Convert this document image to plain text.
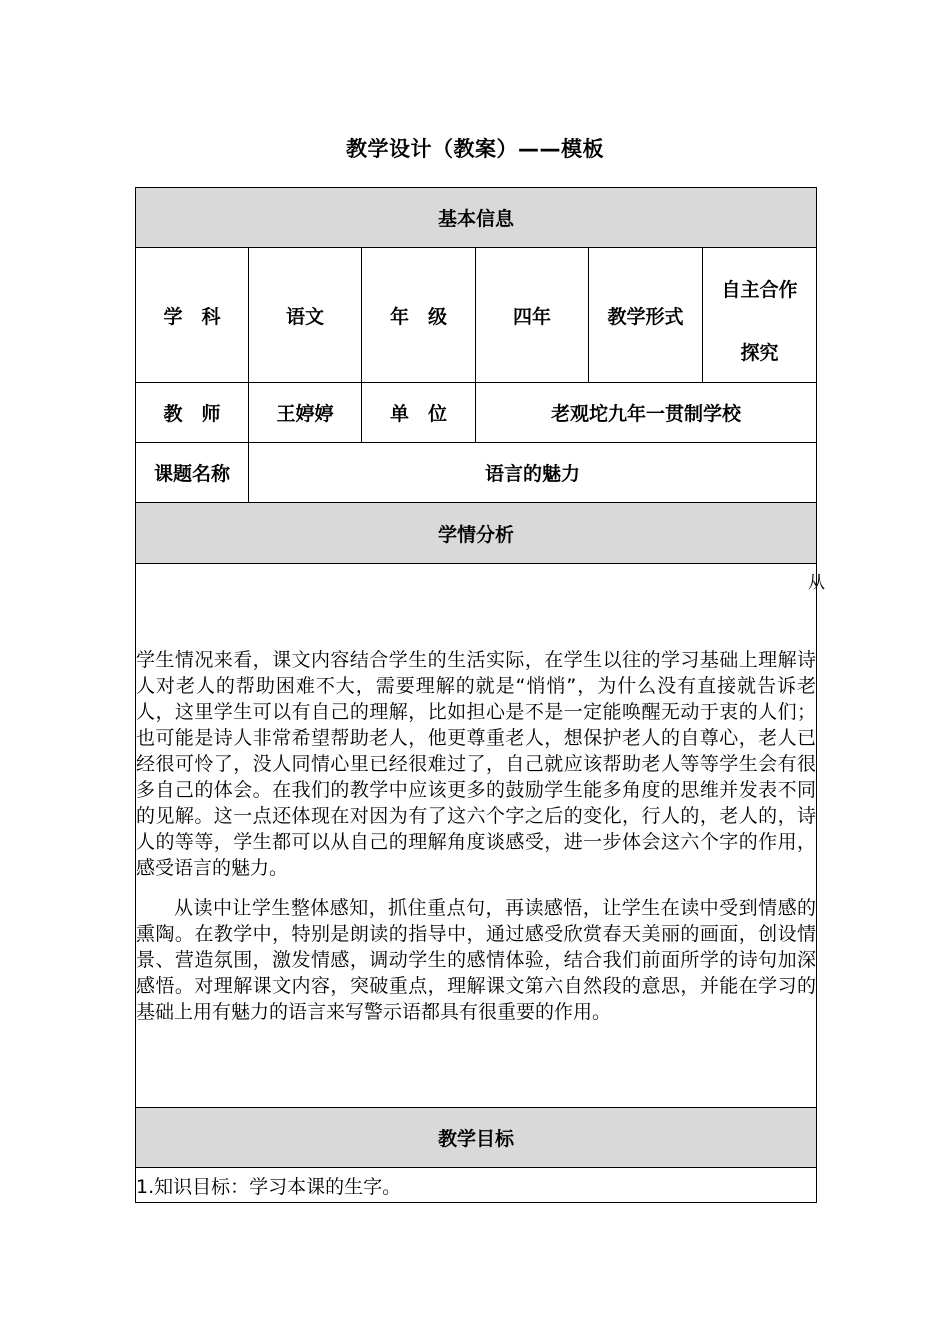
教学设计（教案）——模板
基本信息					
学　科	语文	年　级	四年	教学形式	自主合作
探究

教　师	王婷婷	单　位	老观坨九年一贯制学校		
课题名称	语言的魅力				
学情分析					

学生情况来看，课文内容结合学生的生活实际，在学生以往的学习基础上理解诗人对老人的帮助困难不大，需要理解的就是“悄悄”，为什么没有直接就告诉老人，这里学生可以有自己的理解，比如担心是不是一定能唤醒无动于衷的人们；也可能是诗人非常希望帮助老人，他更尊重老人，想保护老人的自尊心，老人已经很可怜了，没人同情心里已经很难过了，自己就应该帮助老人等等学生会有很多自己的体会。在我们的教学中应该更多的鼓励学生能多角度的思维并发表不同的见解。这一点还体现在对因为有了这六个字之后的变化，行人的，老人的，诗人的等等，学生都可以从自己的理解角度谈感受，进一步体会这六个字的作用，感受语言的魅力。

从读中让学生整体感知，抓住重点句，再读感悟，让学生在读中受到情感的熏陶。在教学中，特别是朗读的指导中，通过感受欣赏春天美丽的画面，创设情景、营造氛围，激发情感，调动学生的感情体验，结合我们前面所学的诗句加深感悟。对理解课文内容，突破重点，理解课文第六自然段的意思，并能在学习的基础上用有魅力的语言来写警示语都具有很重要的作用。					

教学目标					
1.知识目标：学习本课的生字。					
从
